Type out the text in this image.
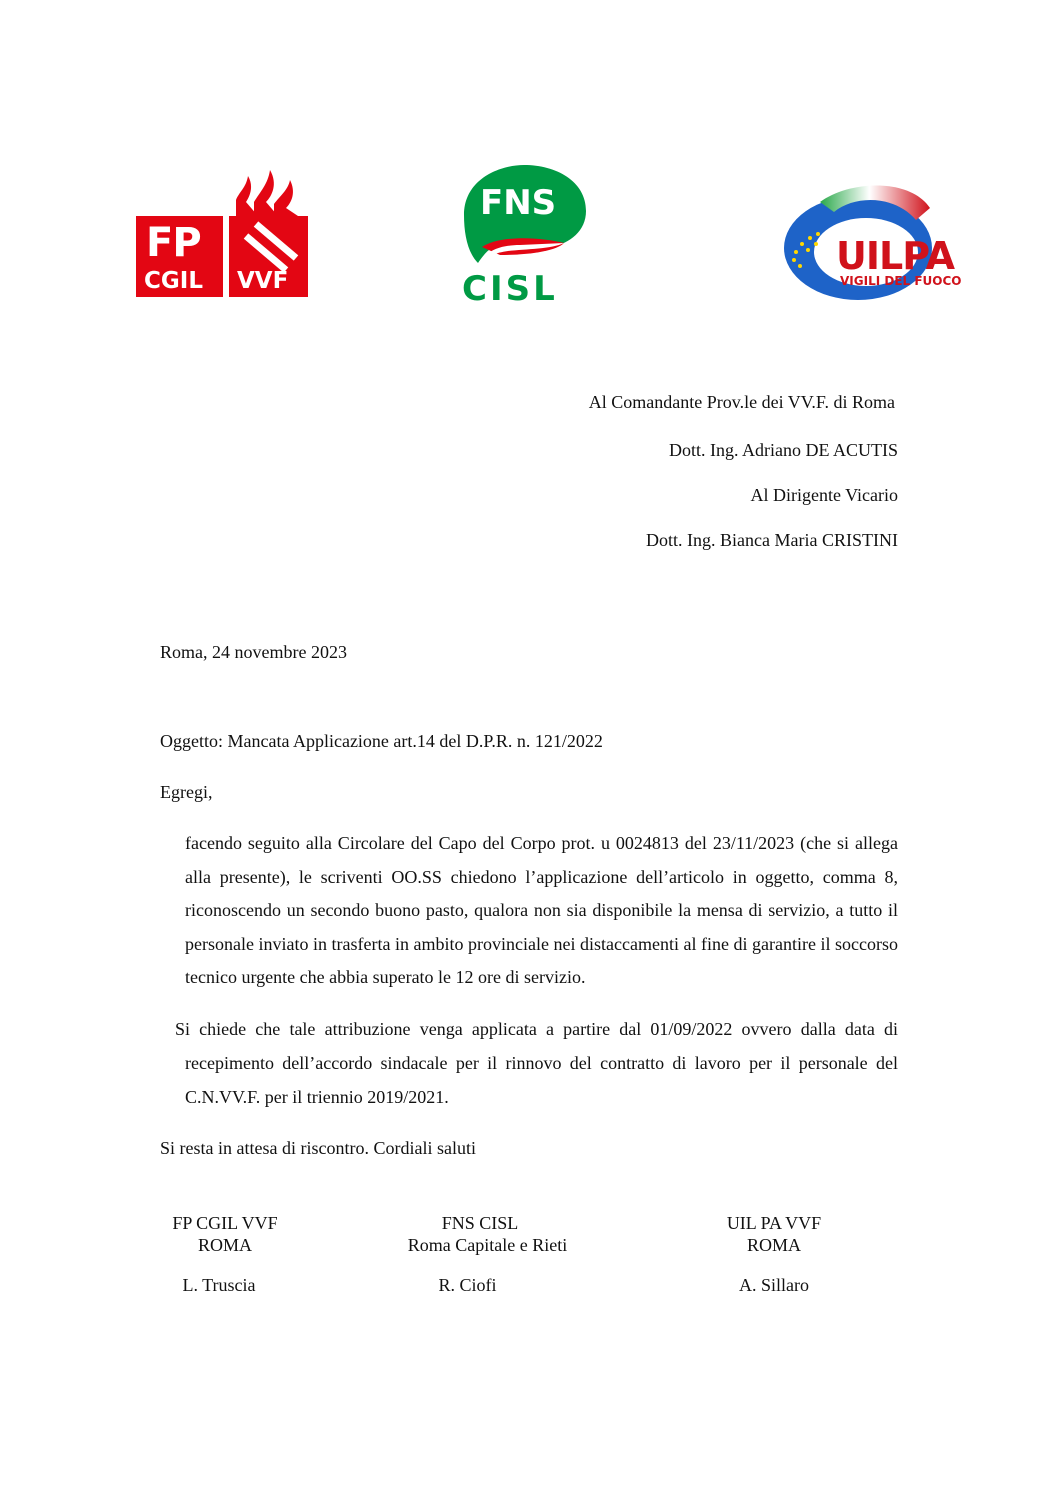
FP
CGIL VVF
FNS
CISL
UILPA
VIGILI DEL FUOCO
Al Comandante Prov.le dei VV.F. di Roma
Dott. Ing. Adriano DE ACUTIS
Al Dirigente Vicario
Dott. Ing. Bianca Maria CRISTINI
Roma, 24 novembre 2023
Oggetto: Mancata Applicazione art.14 del D.P.R. n. 121/2022
Egregi,
facendo seguito alla Circolare del Capo del Corpo prot. u 0024813 del 23/11/2023 (che si allega alla presente), le scriventi OO.SS chiedono l’applicazione dell’articolo in oggetto, comma 8, riconoscendo un secondo buono pasto, qualora non sia disponibile la mensa di servizio, a tutto il personale inviato in trasferta in ambito provinciale nei distaccamenti al fine di garantire il soccorso tecnico urgente che abbia superato le 12 ore di servizio.
Si chiede che tale attribuzione venga applicata a partire dal 01/09/2022 ovvero dalla data di recepimento dell’accordo sindacale per il rinnovo del contratto di lavoro per il personale del C.N.VV.F. per il triennio 2019/2021.
Si resta in attesa di riscontro. Cordiali saluti
FP CGIL VVF
ROMA
L. Truscia
FNS CISL
Roma Capitale e Rieti
R. Ciofi
UIL PA VVF
ROMA
A. Sillaro
